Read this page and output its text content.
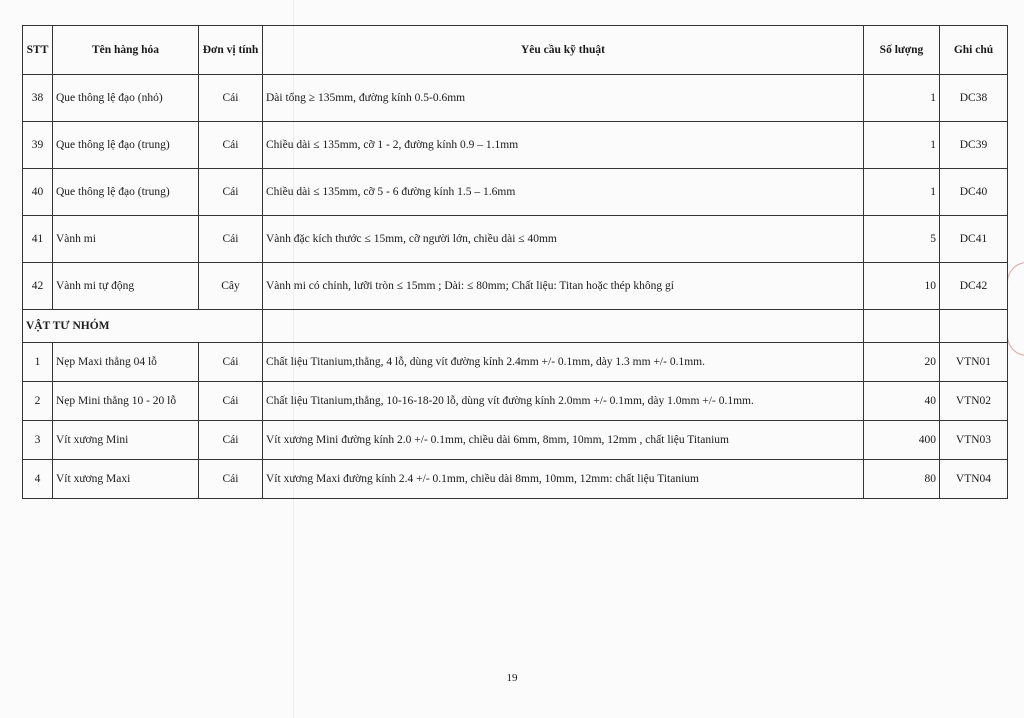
STT	Tên hàng hóa	Đơn vị tính	Yêu cầu kỹ thuật	Số lượng	Ghi chú
38	Que thông lệ đạo (nhỏ)	Cái	Dài tổng ≥ 135mm, đường kính 0.5-0.6mm	1	DC38
39	Que thông lệ đạo (trung)	Cái	Chiều dài ≤ 135mm, cỡ 1 - 2, đường kính 0.9 – 1.1mm	1	DC39
40	Que thông lệ đạo (trung)	Cái	Chiều dài ≤ 135mm, cỡ 5 - 6 đường kính 1.5 – 1.6mm	1	DC40
41	Vành mi	Cái	Vành đặc kích thước ≤ 15mm, cỡ người lớn, chiều dài ≤ 40mm	5	DC41
42	Vành mi tự động	Cây	Vành mi có chỉnh, lưỡi tròn ≤ 15mm ; Dài: ≤ 80mm; Chất liệu: Titan hoặc thép không gỉ	10	DC42
VẬT TƯ NHÓM					
1	Nẹp Maxi thẳng 04 lỗ	Cái	Chất liệu Titanium,thẳng, 4 lỗ, dùng vít đường kính 2.4mm +/- 0.1mm, dày 1.3 mm +/- 0.1mm.	20	VTN01
2	Nẹp Mini thẳng 10 - 20 lỗ	Cái	Chất liệu Titanium,thẳng, 10-16-18-20 lỗ, dùng vít đường kính 2.0mm +/- 0.1mm, dày 1.0mm +/- 0.1mm.	40	VTN02
3	Vít xương Mini	Cái	Vít xương Mini đường kính 2.0 +/- 0.1mm, chiều dài 6mm, 8mm, 10mm, 12mm , chất liệu Titanium	400	VTN03
4	Vít xương Maxi	Cái	Vít xương Maxi đường kính 2.4 +/- 0.1mm, chiều dài 8mm, 10mm, 12mm: chất liệu Titanium	80	VTN04
19
